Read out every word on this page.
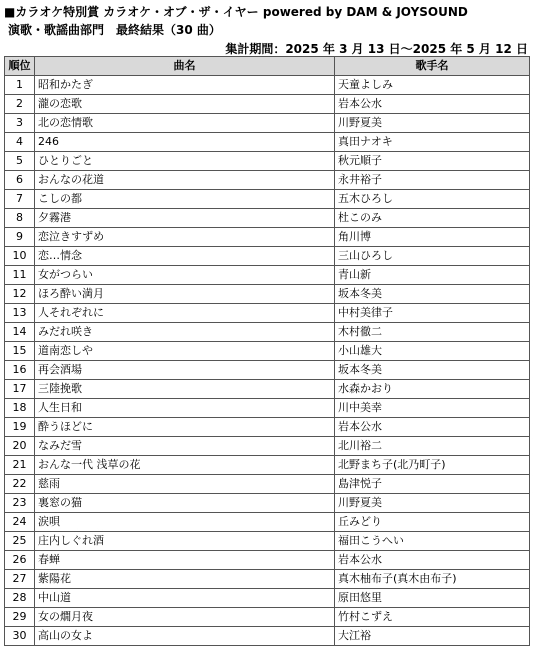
■カラオケ特別賞 カラオケ・オブ・ザ・イヤー powered by DAM & JOYSOUND
演歌・歌謡曲部門　最終結果（30 曲）
集計期間：2025 年 3 月 13 日～2025 年 5 月 12 日
順位	曲名	歌手名
1	昭和かたぎ	天童よしみ
2	瀧の恋歌	岩本公水
3	北の恋情歌	川野夏美
4	246	真田ナオキ
5	ひとりごと	秋元順子
6	おんなの花道	永井裕子
7	こしの都	五木ひろし
8	夕霧港	杜このみ
9	恋泣きすずめ	角川博
10	恋…情念	三山ひろし
11	女がつらい	青山新
12	ほろ酔い満月	坂本冬美
13	人それぞれに	中村美律子
14	みだれ咲き	木村徹二
15	道南恋しや	小山雄大
16	再会酒場	坂本冬美
17	三陸挽歌	水森かおり
18	人生日和	川中美幸
19	酔うほどに	岩本公水
20	なみだ雪	北川裕二
21	おんな一代 浅草の花	北野まち子(北乃町子)
22	慈雨	島津悦子
23	裏窓の猫	川野夏美
24	涙唄	丘みどり
25	庄内しぐれ酒	福田こうへい
26	春蝉	岩本公水
27	紫陽花	真木柚布子(真木由布子)
28	中山道	原田悠里
29	女の燗月夜	竹村こずえ
30	高山の女よ	大江裕
